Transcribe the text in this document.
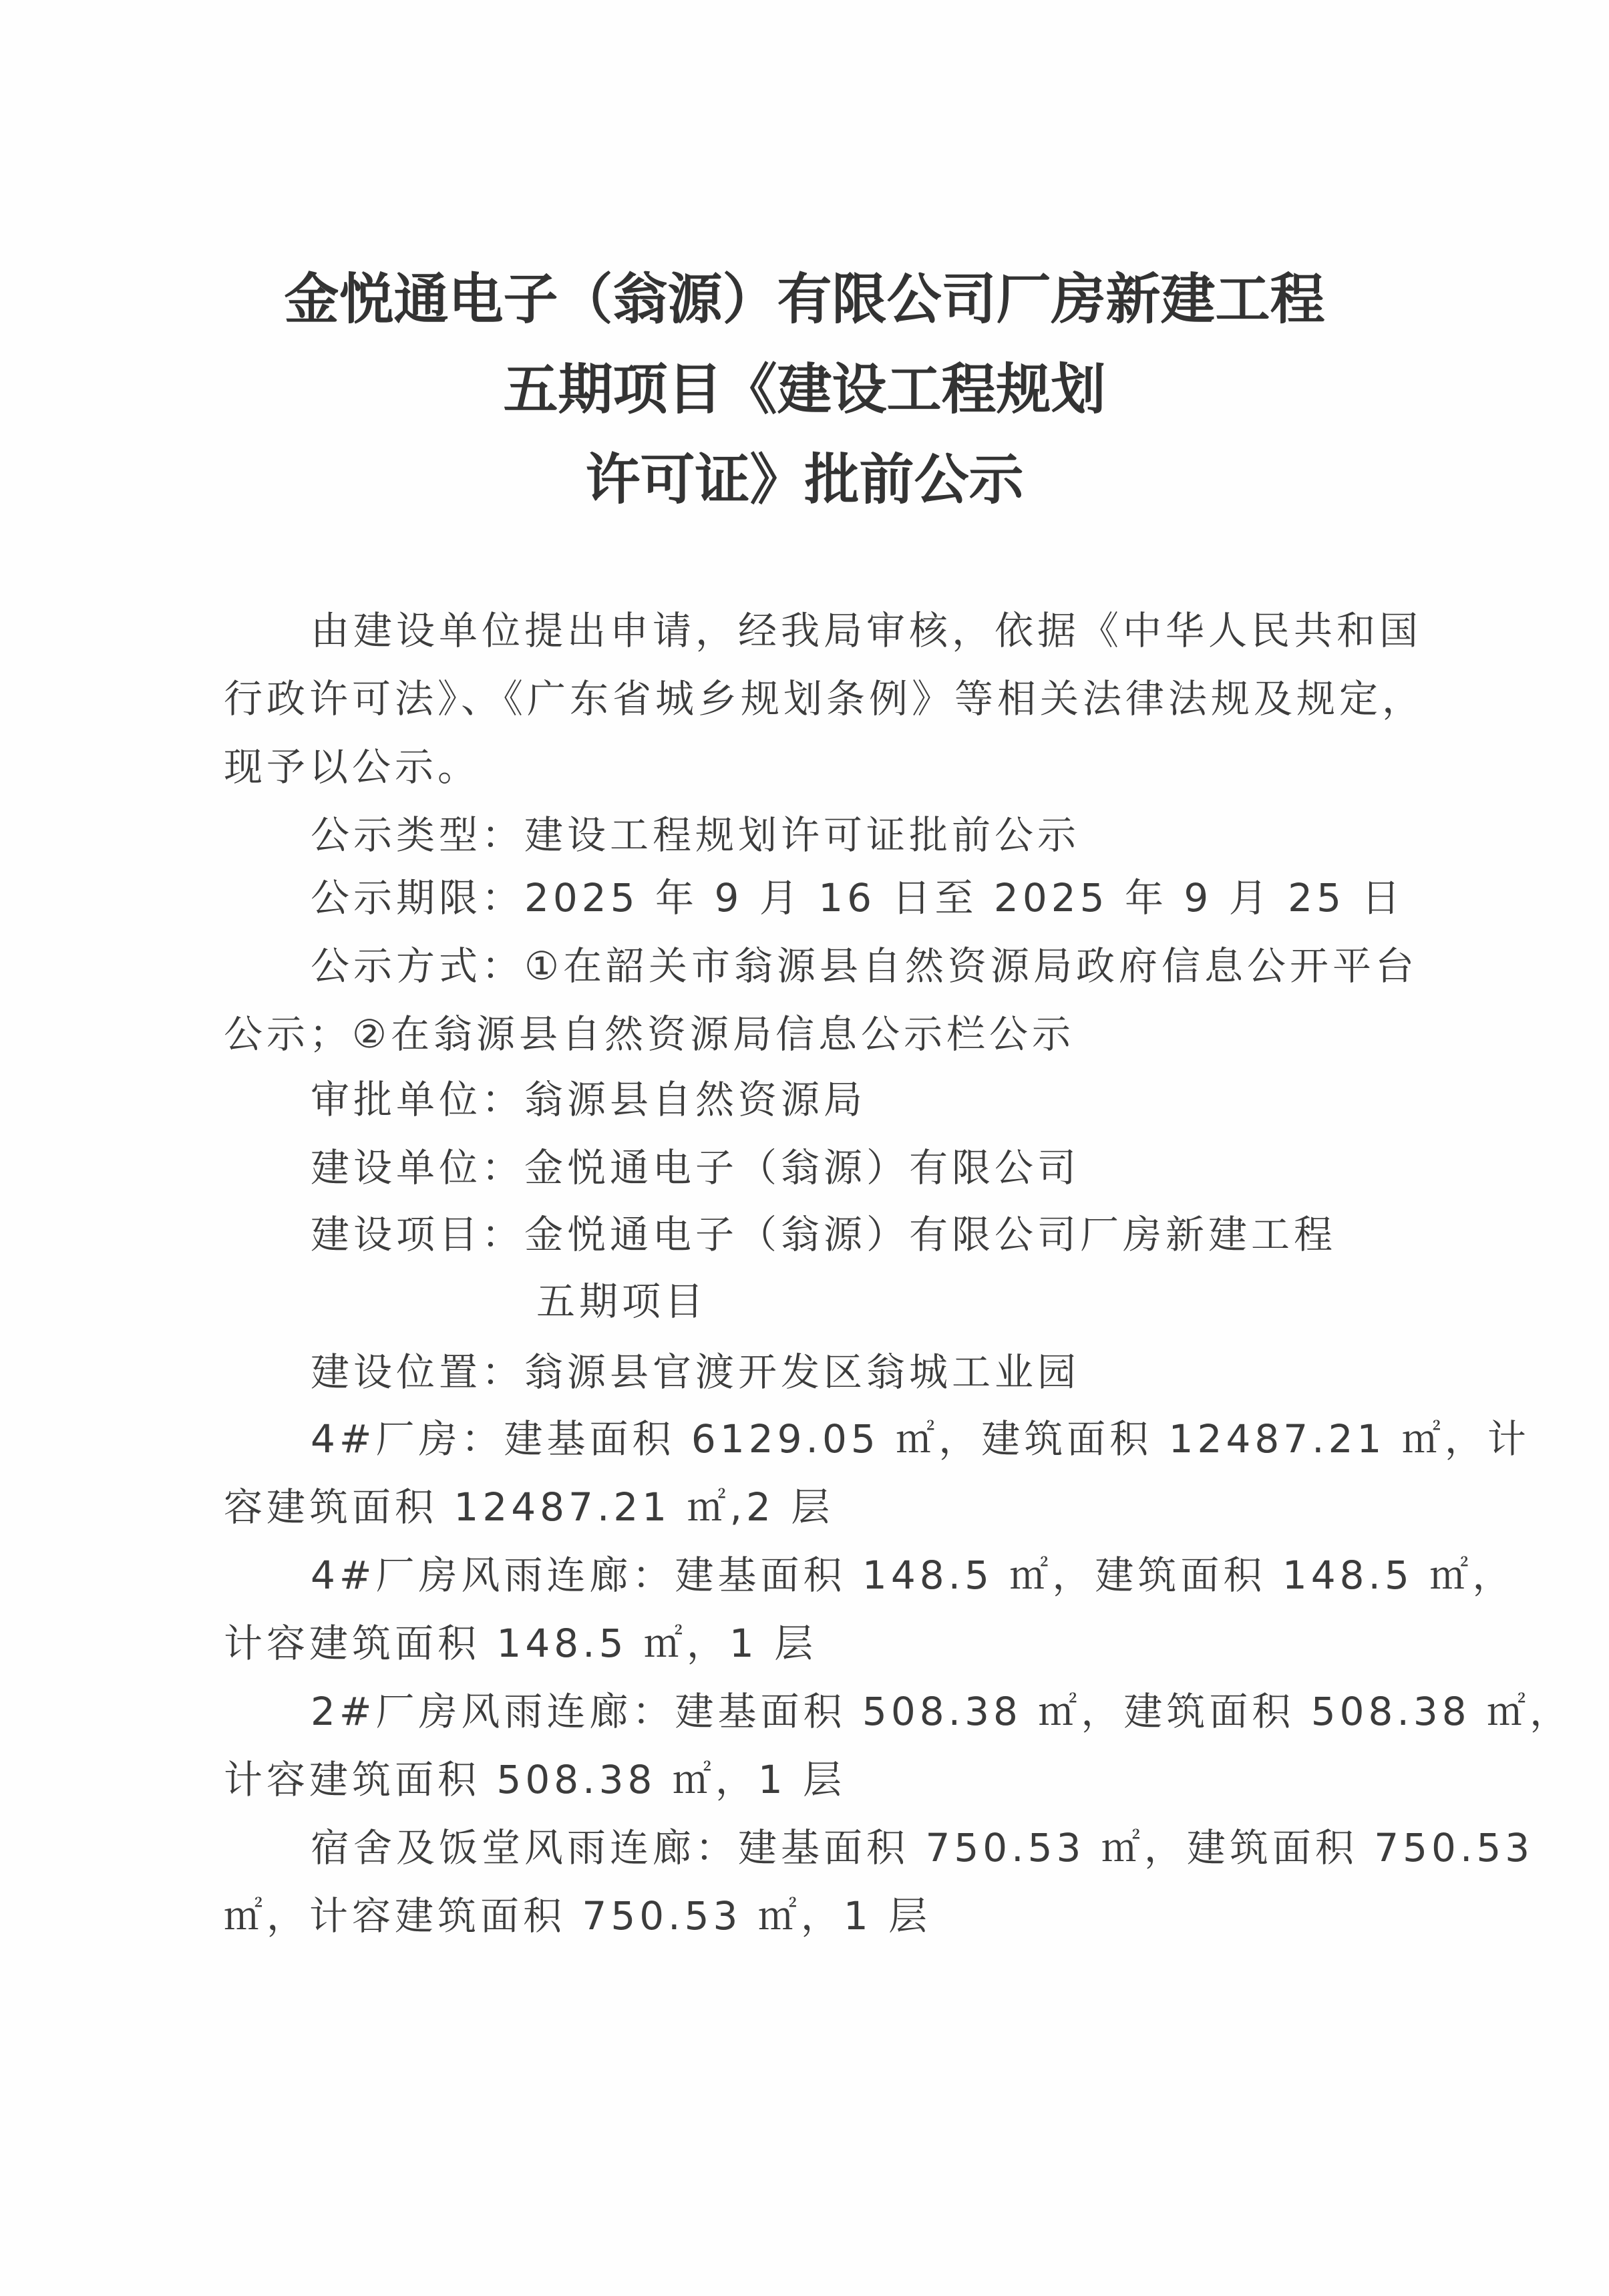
金悦通电子（翁源）有限公司厂房新建工程
五期项目《建设工程规划
许可证》批前公示
由建设单位提出申请，经我局审核，依据《中华人民共和国
行政许可法》、《广东省城乡规划条例》等相关法律法规及规定，
现予以公示。
公示类型：建设工程规划许可证批前公示
公示期限：2025 年 9 月 16 日至 2025 年 9 月 25 日
公示方式：①在韶关市翁源县自然资源局政府信息公开平台
公示；②在翁源县自然资源局信息公示栏公示
审批单位：翁源县自然资源局
建设单位：金悦通电子（翁源）有限公司
建设项目：金悦通电子（翁源）有限公司厂房新建工程
五期项目
建设位置：翁源县官渡开发区翁城工业园
4#厂房：建基面积 6129.05 ㎡，建筑面积 12487.21 ㎡，计
容建筑面积 12487.21 ㎡,2 层
4#厂房风雨连廊：建基面积 148.5 ㎡，建筑面积 148.5 ㎡，
计容建筑面积 148.5 ㎡，1 层
2#厂房风雨连廊：建基面积 508.38 ㎡，建筑面积 508.38 ㎡，
计容建筑面积 508.38 ㎡，1 层
宿舍及饭堂风雨连廊：建基面积 750.53 ㎡，建筑面积 750.53
㎡，计容建筑面积 750.53 ㎡，1 层
